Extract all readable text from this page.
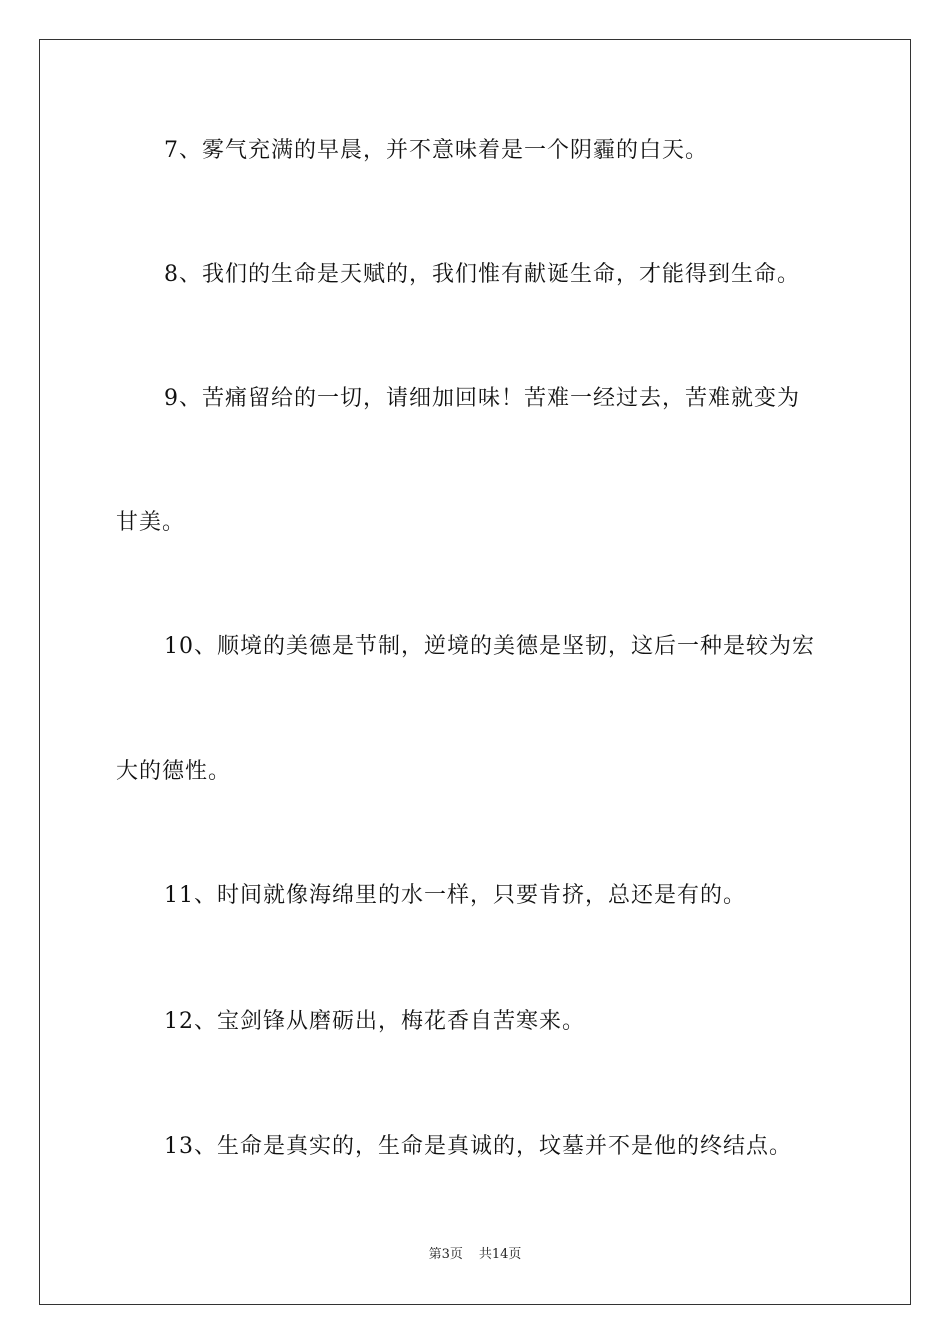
7、雾气充满的早晨，并不意味着是一个阴霾的白天。
8、我们的生命是天赋的，我们惟有献诞生命，才能得到生命。
9、苦痛留给的一切，请细加回味！苦难一经过去，苦难就变为
甘美。
10、顺境的美德是节制，逆境的美德是坚韧，这后一种是较为宏
大的德性。
11、时间就像海绵里的水一样，只要肯挤，总还是有的。
12、宝剑锋从磨砺出，梅花香自苦寒来。
13、生命是真实的，生命是真诚的，坟墓并不是他的终结点。
第3页 共14页
